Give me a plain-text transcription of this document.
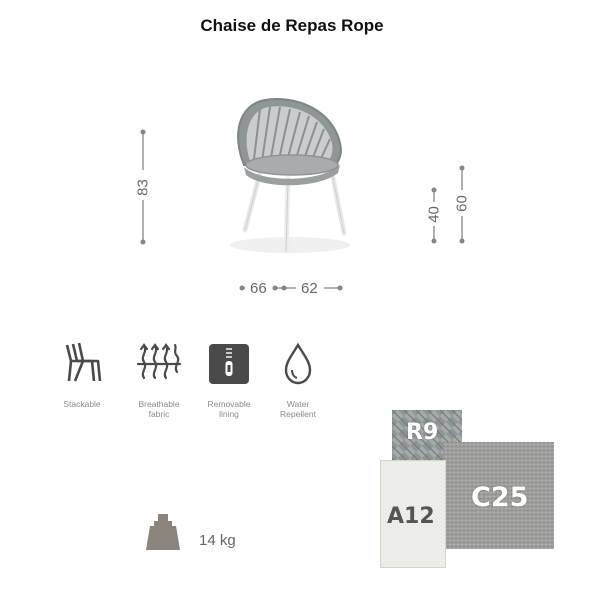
Chaise de Repas Rope
83
40
60
66 62
Stackable	Breathable
fabric
Removable
lining
Water
Repellent
14 kg
R9
C25
A12
